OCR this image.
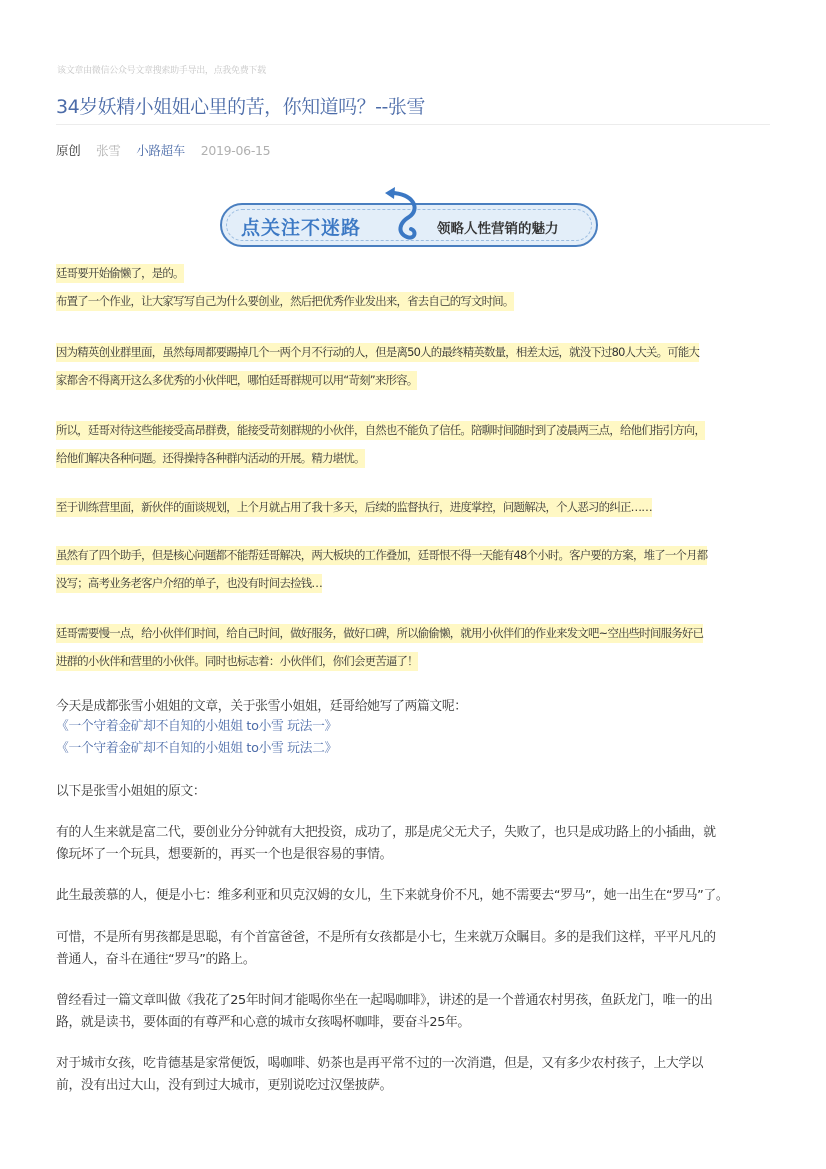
该文章由微信公众号文章搜索助手导出，点我免费下载
34岁妖精小姐姐心里的苦，你知道吗？--张雪
原创 张雪 小路超车 2019-06-15
点关注不迷路	领略人性营销的魅力
廷哥要开始偷懒了，是的。
布置了一个作业，让大家写写自己为什么要创业，然后把优秀作业发出来，省去自己的写文时间。
因为精英创业群里面，虽然每周都要踢掉几个一两个月不行动的人，但是离50人的最终精英数量，相差太远，就没下过80人大关。可能大
家都舍不得离开这么多优秀的小伙伴吧，哪怕廷哥群规可以用“苛刻”来形容。
所以，廷哥对待这些能接受高昂群费，能接受苛刻群规的小伙伴，自然也不能负了信任。陪聊时间随时到了凌晨两三点，给他们指引方向，
给他们解决各种问题。还得操持各种群内活动的开展。精力堪忧。
至于训练营里面，新伙伴的面谈规划，上个月就占用了我十多天，后续的监督执行，进度掌控，问题解决，个人恶习的纠正……
虽然有了四个助手，但是核心问题都不能帮廷哥解决，两大板块的工作叠加，廷哥恨不得一天能有48个小时。客户要的方案，堆了一个月都
没写；高考业务老客户介绍的单子，也没有时间去捡钱…
廷哥需要慢一点，给小伙伴们时间，给自己时间，做好服务，做好口碑，所以偷偷懒，就用小伙伴们的作业来发文吧~空出些时间服务好已
进群的小伙伴和营里的小伙伴。同时也标志着：小伙伴们，你们会更苦逼了！
今天是成都张雪小姐姐的文章，关于张雪小姐姐，廷哥给她写了两篇文呢：
《一个守着金矿却不自知的小姐姐 to小雪 玩法一》
《一个守着金矿却不自知的小姐姐 to小雪 玩法二》
以下是张雪小姐姐的原文：
有的人生来就是富二代，要创业分分钟就有大把投资，成功了，那是虎父无犬子，失败了，也只是成功路上的小插曲，就
像玩坏了一个玩具，想要新的，再买一个也是很容易的事情。
此生最羡慕的人，便是小七：维多利亚和贝克汉姆的女儿，生下来就身价不凡，她不需要去“罗马”，她一出生在“罗马”了。
可惜，不是所有男孩都是思聪，有个首富爸爸，不是所有女孩都是小七，生来就万众瞩目。多的是我们这样，平平凡凡的
普通人，奋斗在通往“罗马”的路上。
曾经看过一篇文章叫做《我花了25年时间才能喝你坐在一起喝咖啡》，讲述的是一个普通农村男孩，鱼跃龙门，唯一的出
路，就是读书，要体面的有尊严和心意的城市女孩喝杯咖啡，要奋斗25年。
对于城市女孩，吃肯德基是家常便饭，喝咖啡、奶茶也是再平常不过的一次消遣，但是，又有多少农村孩子，上大学以
前，没有出过大山，没有到过大城市，更别说吃过汉堡披萨。
